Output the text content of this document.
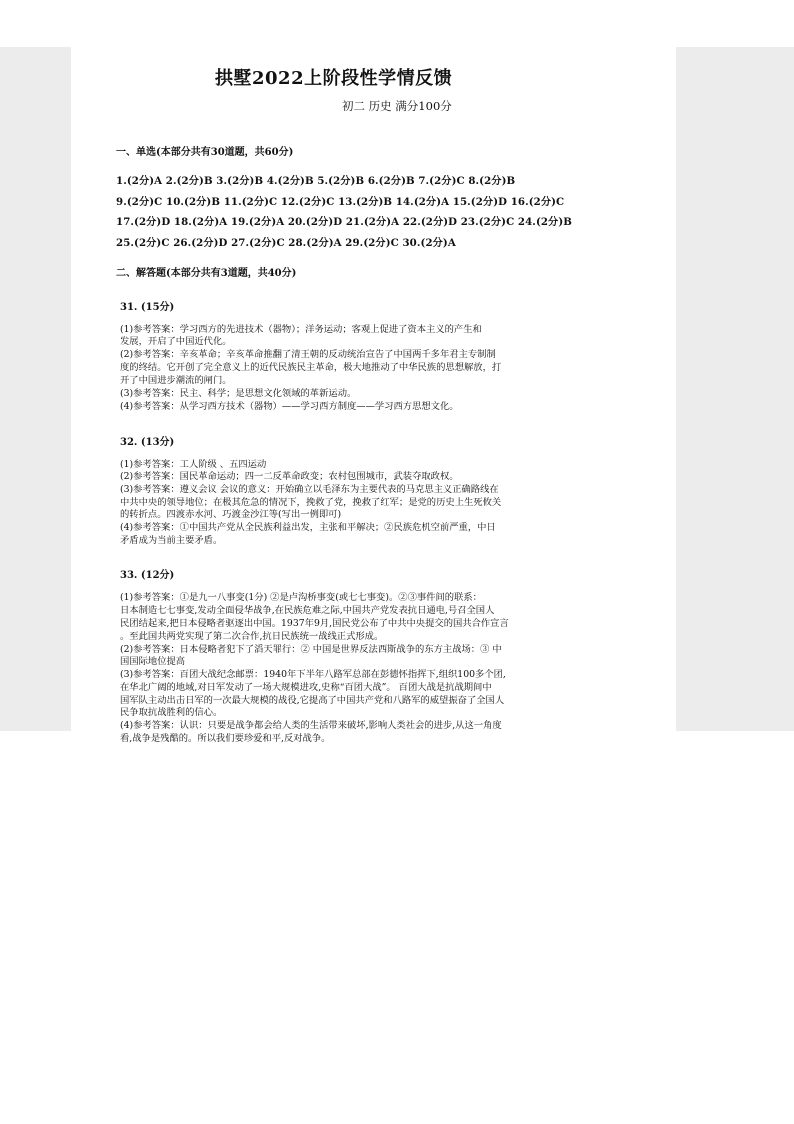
拱墅2022上阶段性学情反馈
初二 历史 满分100分
一、单选(本部分共有30道题，共60分)
1.(2分)A 2.(2分)B 3.(2分)B 4.(2分)B 5.(2分)B 6.(2分)B 7.(2分)C 8.(2分)B
9.(2分)C 10.(2分)B 11.(2分)C 12.(2分)C 13.(2分)B 14.(2分)A 15.(2分)D 16.(2分)C
17.(2分)D 18.(2分)A 19.(2分)A 20.(2分)D 21.(2分)A 22.(2分)D 23.(2分)C 24.(2分)B
25.(2分)C 26.(2分)D 27.(2分)C 28.(2分)A 29.(2分)C 30.(2分)A
二、解答题(本部分共有3道题，共40分)
31. (15分)
(1)参考答案：学习西方的先进技术（器物）；洋务运动；客观上促进了资本主义的产生和
发展，开启了中国近代化。
(2)参考答案：辛亥革命；辛亥革命推翻了清王朝的反动统治宣告了中国两千多年君主专制制
度的终结。它开创了完全意义上的近代民族民主革命，极大地推动了中华民族的思想解放，打
开了中国进步潮流的闸门。
(3)参考答案：民主、科学；是思想文化领域的革新运动。
(4)参考答案：从学习西方技术（器物）——学习西方制度——学习西方思想文化。
32. (13分)
(1)参考答案：工人阶级 、五四运动
(2)参考答案：国民革命运动；四一二反革命政变；农村包围城市，武装夺取政权。
(3)参考答案：遵义会议 会议的意义：开始确立以毛泽东为主要代表的马克思主义正确路线在
中共中央的领导地位；在极其危急的情况下，挽救了党，挽救了红军；是党的历史上生死攸关
的转折点。四渡赤水河、巧渡金沙江等(写出一例即可)
(4)参考答案：①中国共产党从全民族利益出发，主张和平解决；②民族危机空前严重，中日
矛盾成为当前主要矛盾。
33. (12分)
(1)参考答案：①是九一八事变(1分) ②是卢沟桥事变(或七七事变)。②③事件间的联系：
日本制造七七事变,发动全面侵华战争,在民族危难之际,中国共产党发表抗日通电,号召全国人
民团结起来,把日本侵略者驱逐出中国。1937年9月,国民党公布了中共中央提交的国共合作宣言
。至此国共两党实现了第二次合作,抗日民族统一战线正式形成。
(2)参考答案：日本侵略者犯下了滔天罪行：② 中国是世界反法西斯战争的东方主战场：③ 中
国国际地位提高
(3)参考答案：百团大战纪念邮票：1940年下半年八路军总部在彭德怀指挥下,组织100多个团,
在华北广阔的地域,对日军发动了一场大规模进攻,史称“百团大战”。 百团大战是抗战期间中
国军队主动出击日军的一次最大规模的战役,它提高了中国共产党和八路军的威望振奋了全国人
民争取抗战胜利的信心。
(4)参考答案：认识：只要是战争都会给人类的生活带来破坏,影响人类社会的进步,从这一角度
看,战争是残酷的。所以我们要珍爱和平,反对战争。
